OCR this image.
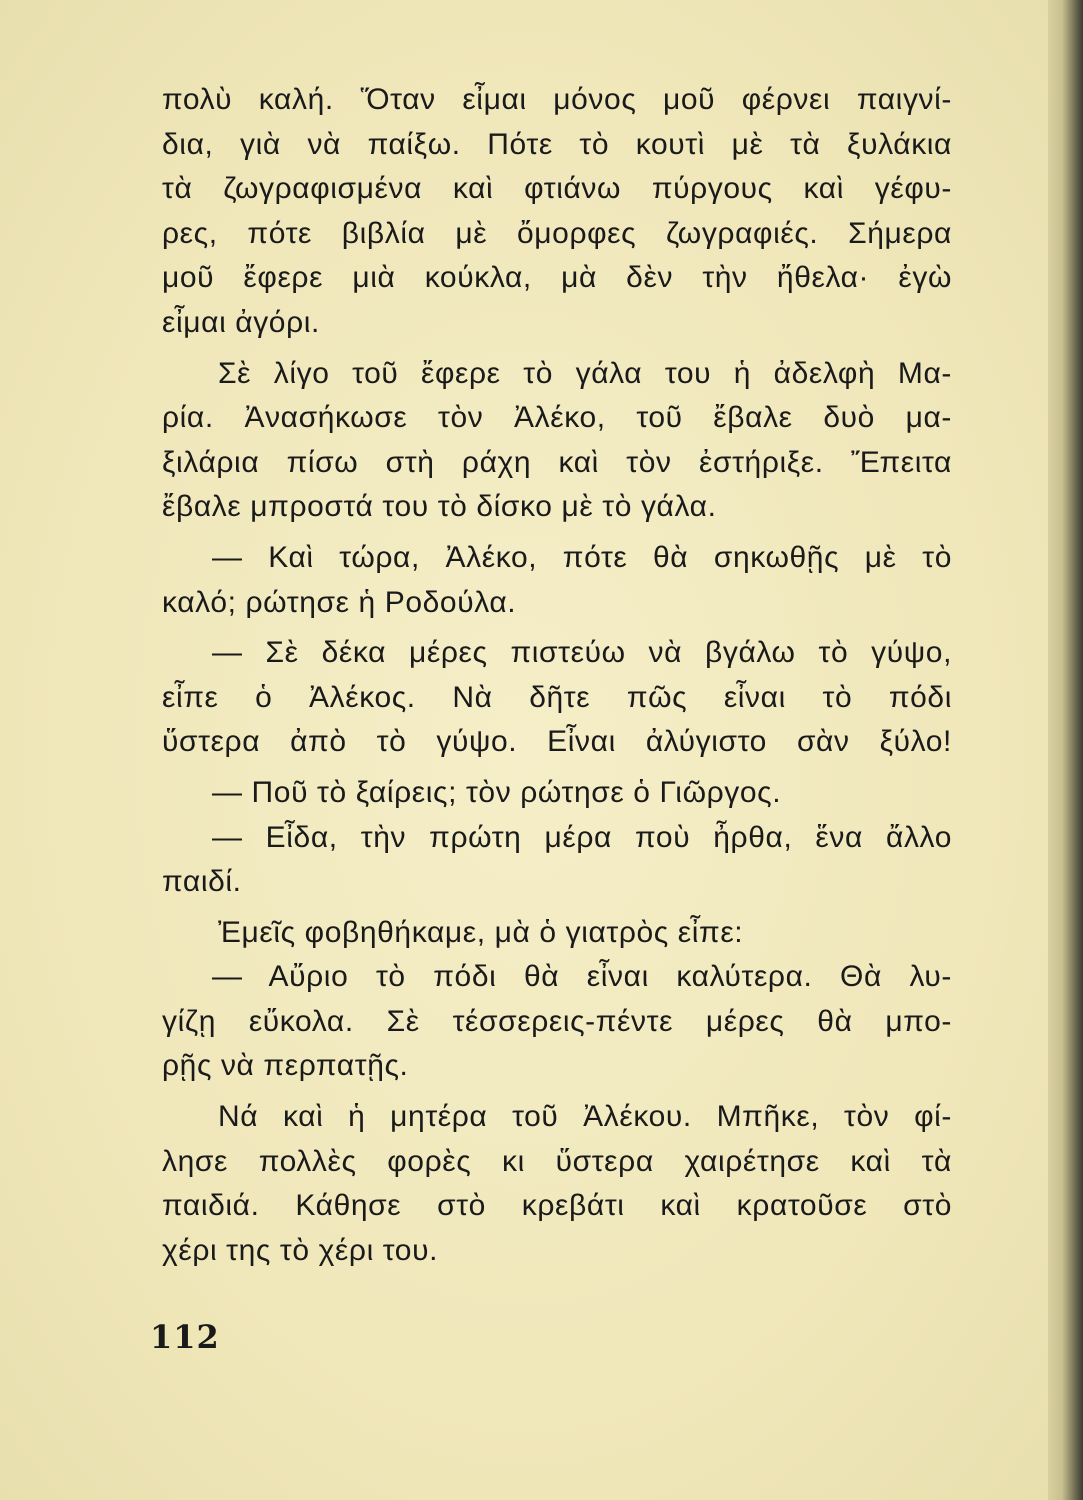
πολὺ καλή. Ὅταν εἶμαι μόνος μοῦ φέρνει παιγνί-
δια, γιὰ νὰ παίξω. Πότε τὸ κουτὶ μὲ τὰ ξυλάκια
τὰ ζωγραφισμένα καὶ φτιάνω πύργους καὶ γέφυ-
ρες, πότε βιβλία μὲ ὄμορφες ζωγραφιές. Σήμερα
μοῦ ἔφερε μιὰ κούκλα, μὰ δὲν τὴν ἤθελα· ἐγὼ
εἶμαι ἀγόρι.
Σὲ λίγο τοῦ ἔφερε τὸ γάλα του ἡ ἀδελφὴ Μα-
ρία. Ἀνασήκωσε τὸν Ἀλέκο, τοῦ ἔβαλε δυὸ μα-
ξιλάρια πίσω στὴ ράχη καὶ τὸν ἐστήριξε. Ἔπειτα
ἔβαλε μπροστά του τὸ δίσκο μὲ τὸ γάλα.
— Καὶ τώρα, Ἀλέκο, πότε θὰ σηκωθῇς μὲ τὸ
καλό; ρώτησε ἡ Ροδούλα.
— Σὲ δέκα μέρες πιστεύω νὰ βγάλω τὸ γύψο,
εἶπε ὁ Ἀλέκος. Νὰ δῆτε πῶς εἶναι τὸ πόδι
ὕστερα ἀπὸ τὸ γύψο. Εἶναι ἀλύγιστο σὰν ξύλο!
— Ποῦ τὸ ξαίρεις; τὸν ρώτησε ὁ Γιῶργος.
— Εἶδα, τὴν πρώτη μέρα ποὺ ἦρθα, ἕνα ἄλλο
παιδί.
Ἐμεῖς φοβηθήκαμε, μὰ ὁ γιατρὸς εἶπε:
— Αὔριο τὸ πόδι θὰ εἶναι καλύτερα. Θὰ λυ-
γίζῃ εὔκολα. Σὲ τέσσερεις-πέντε μέρες θὰ μπο-
ρῇς νὰ περπατῇς.
Νά καὶ ἡ μητέρα τοῦ Ἀλέκου. Μπῆκε, τὸν φί-
λησε πολλὲς φορὲς κι ὕστερα χαιρέτησε καὶ τὰ
παιδιά. Κάθησε στὸ κρεβάτι καὶ κρατοῦσε στὸ
χέρι της τὸ χέρι του.
112
